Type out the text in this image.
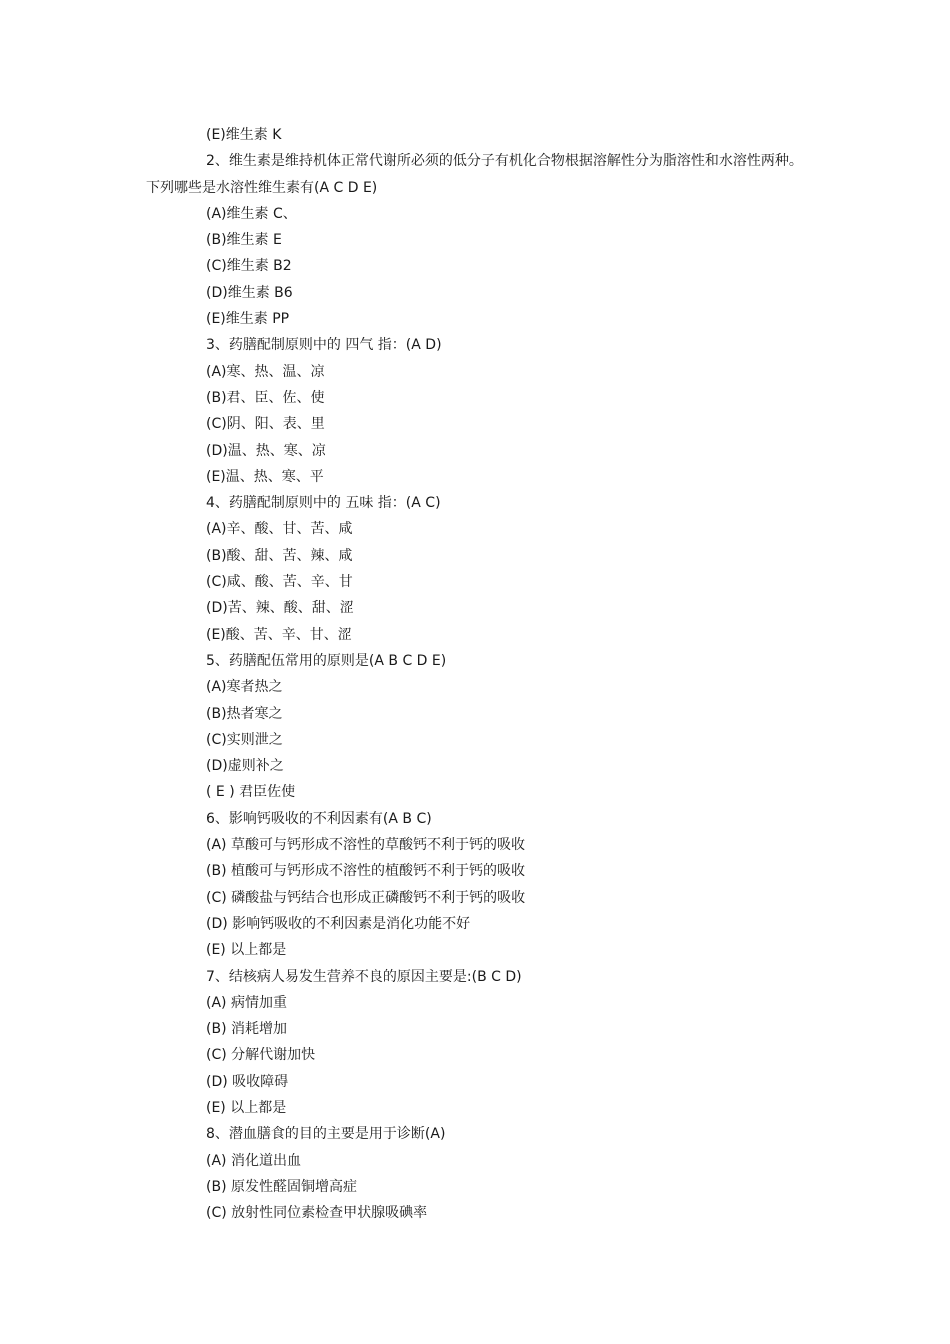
(E)维生素 K
2、维生素是维持机体正常代谢所必须的低分子有机化合物根据溶解性分为脂溶性和水溶性两种。
下列哪些是水溶性维生素有(A C D E)
(A)维生素 C、
(B)维生素 E
(C)维生素 B2
(D)维生素 B6
(E)维生素 PP
3、药膳配制原则中的 四气 指：(A D)
(A)寒、热、温、凉
(B)君、臣、佐、使
(C)阴、阳、表、里
(D)温、热、寒、凉
(E)温、热、寒、平
4、药膳配制原则中的 五味 指：(A C)
(A)辛、酸、甘、苦、咸
(B)酸、甜、苦、辣、咸
(C)咸、酸、苦、辛、甘
(D)苦、辣、酸、甜、涩
(E)酸、苦、辛、甘、涩
5、药膳配伍常用的原则是(A B C D E)
(A)寒者热之
(B)热者寒之
(C)实则泄之
(D)虚则补之
( E ) 君臣佐使
6、影响钙吸收的不利因素有(A B C)
(A) 草酸可与钙形成不溶性的草酸钙不利于钙的吸收
(B) 植酸可与钙形成不溶性的植酸钙不利于钙的吸收
(C) 磷酸盐与钙结合也形成正磷酸钙不利于钙的吸收
(D) 影响钙吸收的不利因素是消化功能不好
(E) 以上都是
7、结核病人易发生营养不良的原因主要是:(B C D)
(A) 病情加重
(B) 消耗增加
(C) 分解代谢加快
(D) 吸收障碍
(E) 以上都是
8、潜血膳食的目的主要是用于诊断(A)
(A) 消化道出血
(B) 原发性醛固铜增高症
(C) 放射性同位素检查甲状腺吸碘率
